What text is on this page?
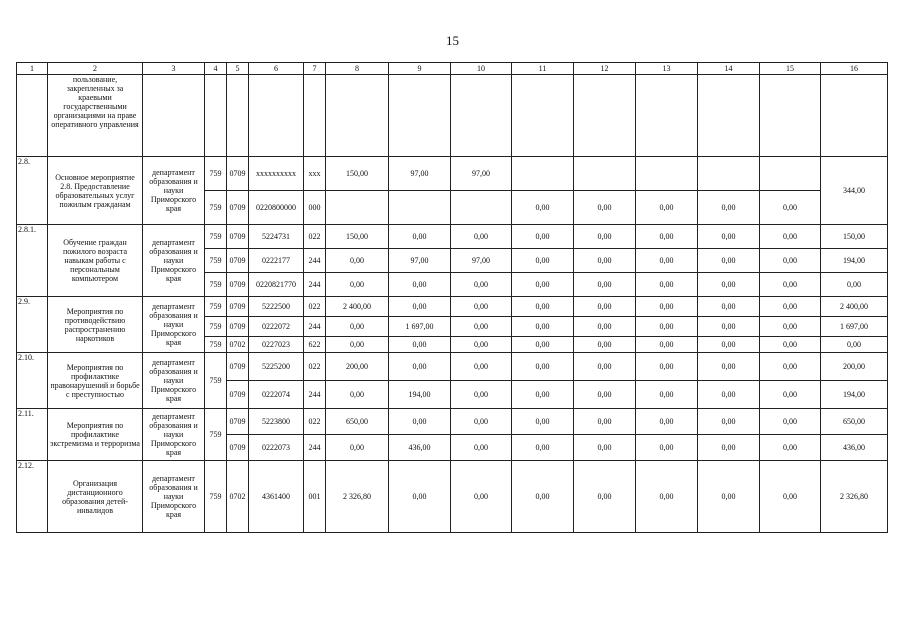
15
1	2	3	4	5	6	7	8	9	10	11	12	13	14	15	16
	пользование, закрепленных за краевыми государственными организациями на праве оперативного управления														
2.8.	Основное мероприятие 2.8. Предоставление образовательных услуг пожилым гражданам	департамент образования и науки Приморского края	759	0709	xxxxxxxxxx	xxx	150,00	97,00	97,00						344,00
			759	0709	0220800000	000				0,00	0,00	0,00	0,00	0,00	
2.8.1.	Обучение граждан пожилого возраста навыкам работы с персональным компьютером	департамент образования и науки Приморского края	759	0709	5224731	022	150,00	0,00	0,00	0,00	0,00	0,00	0,00	0,00	150,00
			759	0709	0222177	244	0,00	97,00	97,00	0,00	0,00	0,00	0,00	0,00	194,00
			759	0709	0220821770	244	0,00	0,00	0,00	0,00	0,00	0,00	0,00	0,00	0,00
2.9.	Мероприятия по противодействию распространению наркотиков	департамент образования и науки Приморского края	759	0709	5222500	022	2 400,00	0,00	0,00	0,00	0,00	0,00	0,00	0,00	2 400,00
			759	0709	0222072	244	0,00	1 697,00	0,00	0,00	0,00	0,00	0,00	0,00	1 697,00
			759	0702	0227023	622	0,00	0,00	0,00	0,00	0,00	0,00	0,00	0,00	0,00
2.10.	Мероприятия по профилактике правонарушений и борьбе с преступностью	департамент образования и науки Приморского края	759	0709	5225200	022	200,00	0,00	0,00	0,00	0,00	0,00	0,00	0,00	200,00
				0709	0222074	244	0,00	194,00	0,00	0,00	0,00	0,00	0,00	0,00	194,00
2.11.	Мероприятия по профилактике экстремизма и терроризма	департамент образования и науки Приморского края	759	0709	5223800	022	650,00	0,00	0,00	0,00	0,00	0,00	0,00	0,00	650,00
				0709	0222073	244	0,00	436,00	0,00	0,00	0,00	0,00	0,00	0,00	436,00
2.12.	Организация дистанционного образования детей-инвалидов	департамент образования и науки Приморского края	759	0702	4361400	001	2 326,80	0,00	0,00	0,00	0,00	0,00	0,00	0,00	2 326,80
